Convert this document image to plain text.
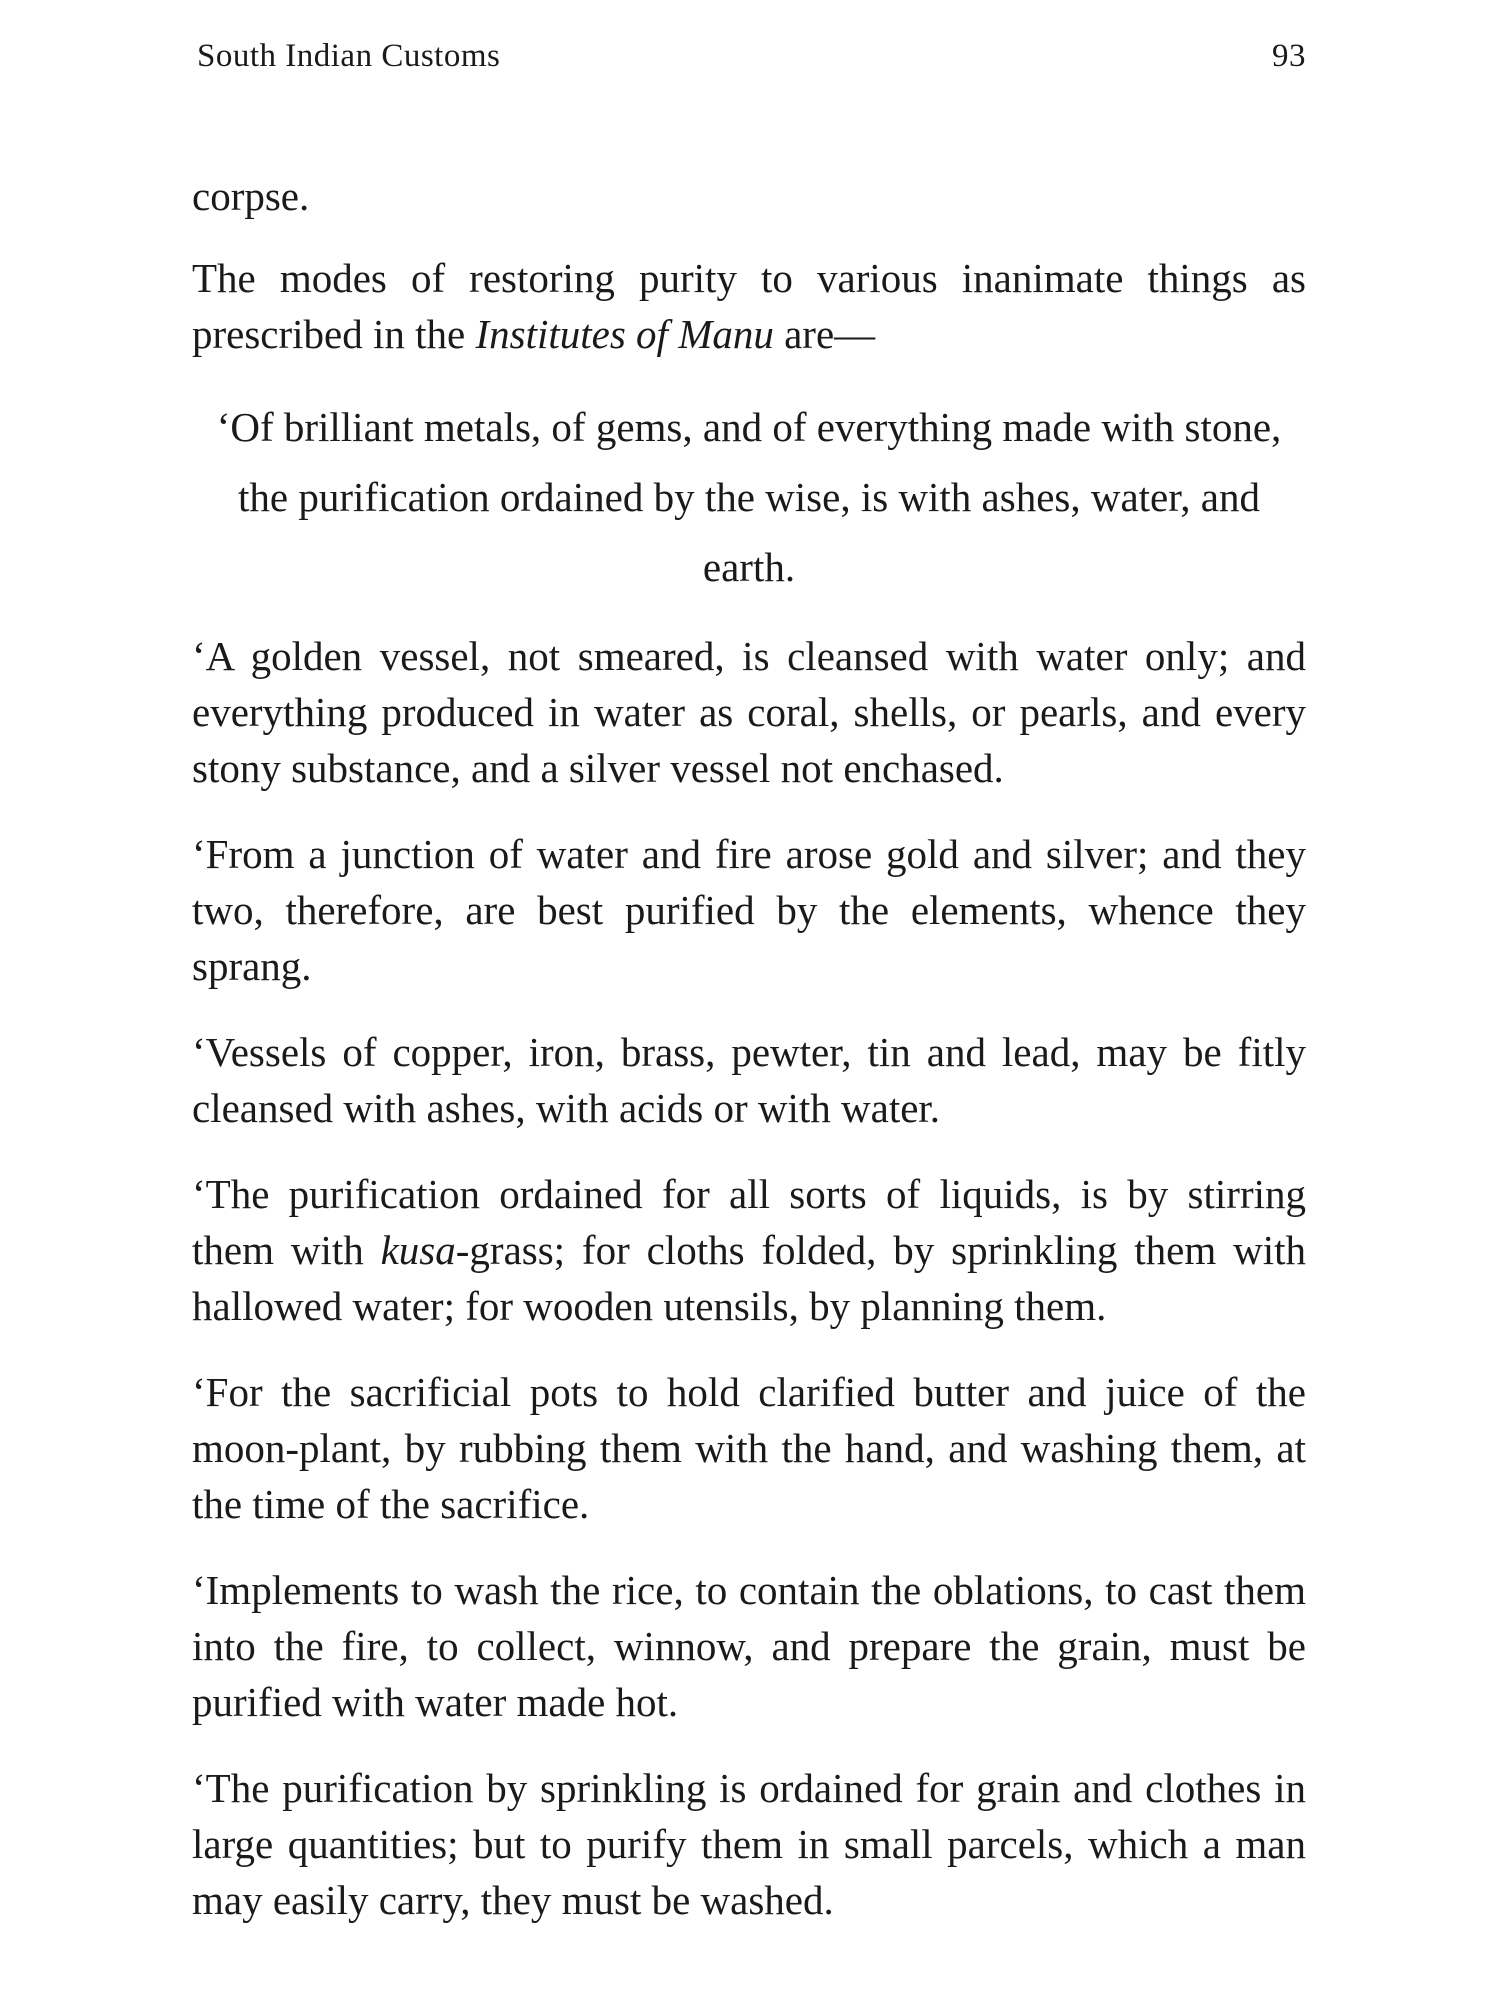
South Indian Customs	93

corpse.

The modes of restoring purity to various inanimate things as prescribed in the Institutes of Manu are—

‘Of brilliant metals, of gems, and of everything made with stone, the purification ordained by the wise, is with ashes, water, and earth.

‘A golden vessel, not smeared, is cleansed with water only; and everything produced in water as coral, shells, or pearls, and every stony substance, and a silver vessel not enchased.

‘From a junction of water and fire arose gold and silver; and they two, therefore, are best purified by the elements, whence they sprang.

‘Vessels of copper, iron, brass, pewter, tin and lead, may be fitly cleansed with ashes, with acids or with water.

‘The purification ordained for all sorts of liquids, is by stirring them with kusa-grass; for cloths folded, by sprinkling them with hallowed water; for wooden utensils, by planning them.

‘For the sacrificial pots to hold clarified butter and juice of the moon-plant, by rubbing them with the hand, and washing them, at the time of the sacrifice.

‘Implements to wash the rice, to contain the oblations, to cast them into the fire, to collect, winnow, and prepare the grain, must be purified with water made hot.

‘The purification by sprinkling is ordained for grain and clothes in large quantities; but to purify them in small parcels, which a man may easily carry, they must be washed.
